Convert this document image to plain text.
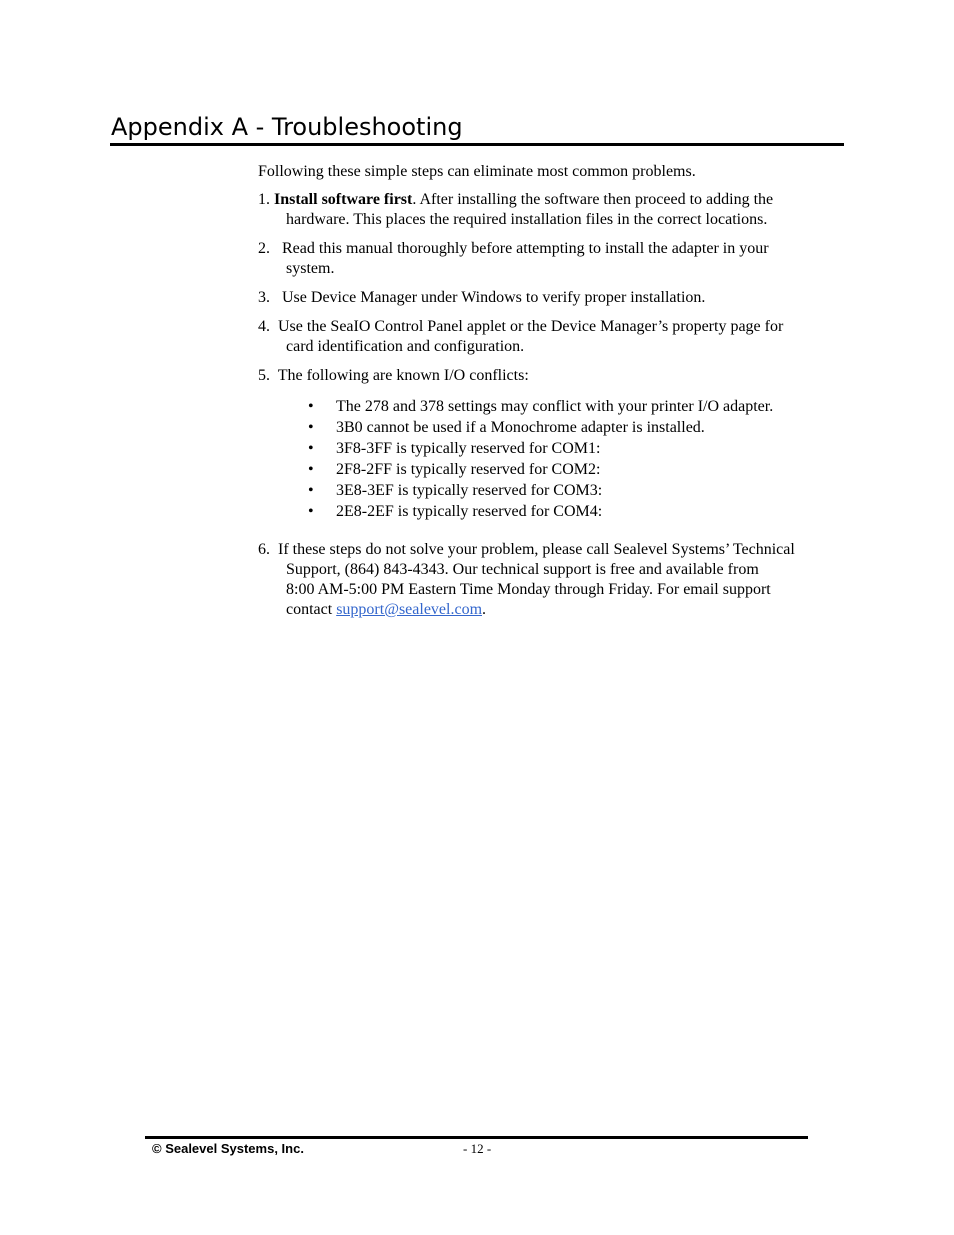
Appendix A - Troubleshooting
Following these simple steps can eliminate most common problems.
1. Install software first. After installing the software then proceed to adding the
hardware. This places the required installation files in the correct locations.
2. Read this manual thoroughly before attempting to install the adapter in your
system.
3. Use Device Manager under Windows to verify proper installation.
4. Use the SeaIO Control Panel applet or the Device Manager’s property page for
card identification and configuration.
5. The following are known I/O conflicts:
• The 278 and 378 settings may conflict with your printer I/O adapter.
• 3B0 cannot be used if a Monochrome adapter is installed.
• 3F8-3FF is typically reserved for COM1:
• 2F8-2FF is typically reserved for COM2:
• 3E8-3EF is typically reserved for COM3:
• 2E8-2EF is typically reserved for COM4:
6. If these steps do not solve your problem, please call Sealevel Systems’ Technical
Support, (864) 843-4343. Our technical support is free and available from
8:00 AM-5:00 PM Eastern Time Monday through Friday. For email support
contact support@sealevel.com.
© Sealevel Systems, Inc.	- 12 -
